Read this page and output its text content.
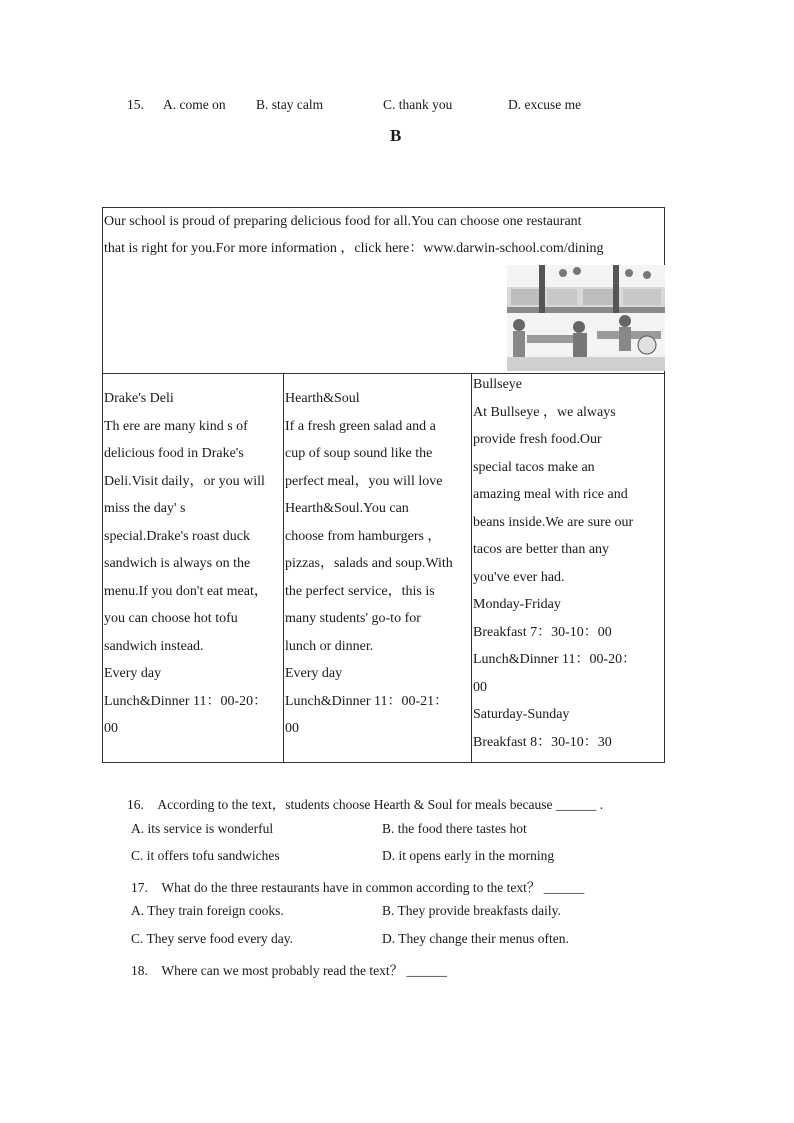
15. A. come on B. stay calm	C. thank you	D. excuse me
B
Our school is proud of preparing delicious food for all.You can choose one restaurant
that is right for you.For more information ，click here：www.darwin-school.com/dining
Drake's Deli
Th ere are many kind s of
delicious food in Drake's
Deli.Visit daily，or you will
miss the day' s
special.Drake's roast duck
sandwich is always on the
menu.If you don't eat meat，
you can choose hot tofu
sandwich instead.
Every day
Lunch&Dinner 11：00-20：
00
Hearth&Soul
If a fresh green salad and a
cup of soup sound like the
perfect meal，you will love
Hearth&Soul.You can
choose from hamburgers ，
pizzas，salads and soup.With
the perfect service，this is
many students' go-to for
lunch or dinner.
Every day
Lunch&Dinner 11：00-21：
00
Bullseye
At Bullseye ，we always
provide fresh food.Our
special tacos make an
amazing meal with rice and
beans inside.We are sure our
tacos are better than any
you've ever had.
Monday-Friday
Breakfast 7：30-10：00
Lunch&Dinner 11：00-20：
00
Saturday-Sunday
Breakfast 8：30-10：30
16.　According to the text，students choose Hearth & Soul for meals because ______ .
A. its service is wonderful	B. the food there tastes hot
C. it offers tofu sandwiches	D. it opens early in the morning
17.　What do the three restaurants have in common according to the text？ ______
A. They train foreign cooks.	B. They provide breakfasts daily.
C. They serve food every day.	D. They change their menus often.
18.　Where can we most probably read the text？ ______
